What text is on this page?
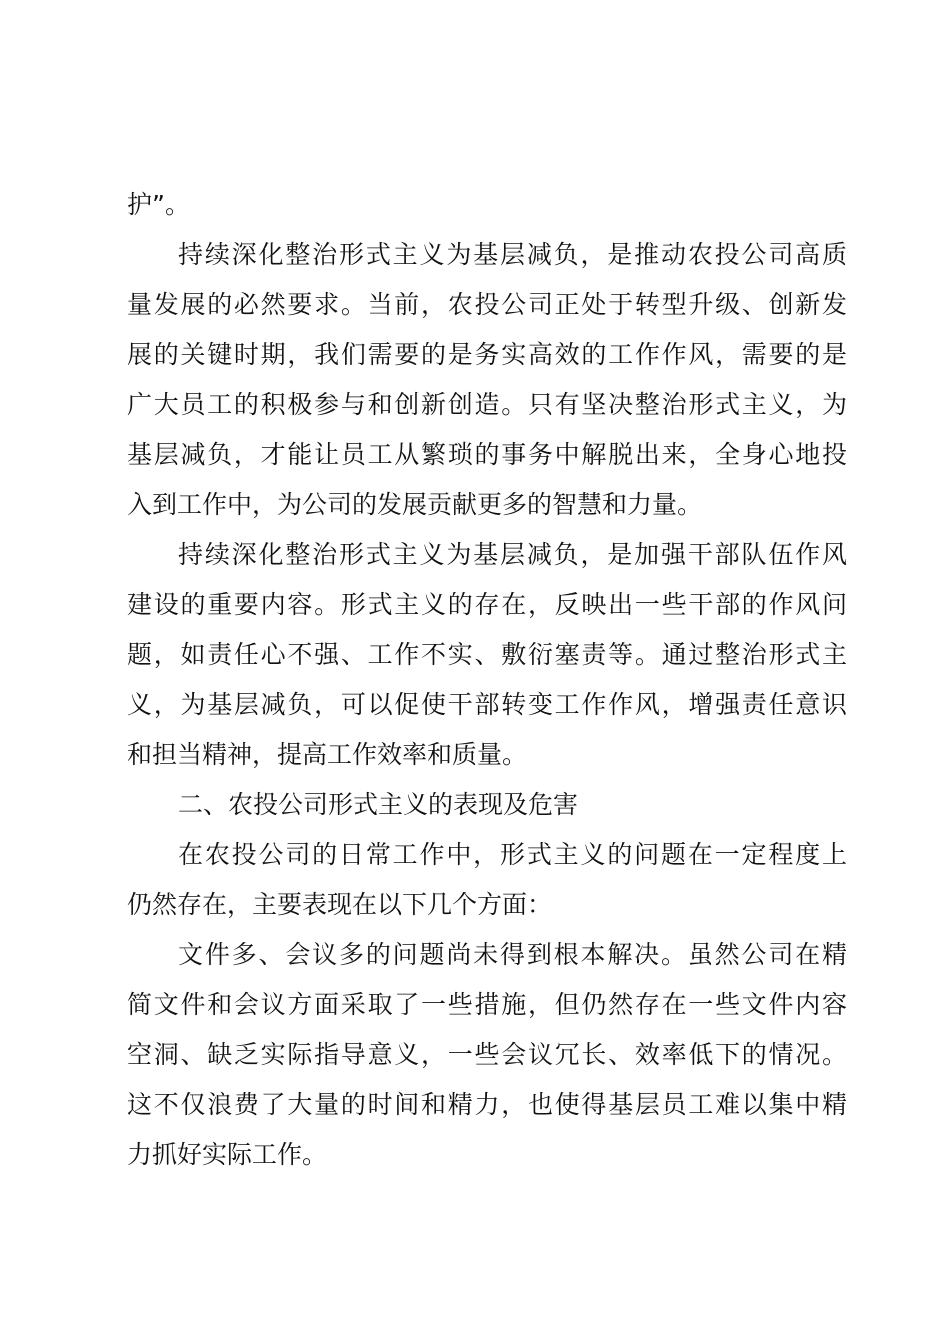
护”。
持续深化整治形式主义为基层减负，是推动农投公司高质
量发展的必然要求。当前，农投公司正处于转型升级、创新发
展的关键时期，我们需要的是务实高效的工作作风，需要的是
广大员工的积极参与和创新创造。只有坚决整治形式主义，为
基层减负，才能让员工从繁琐的事务中解脱出来，全身心地投
入到工作中，为公司的发展贡献更多的智慧和力量。
持续深化整治形式主义为基层减负，是加强干部队伍作风
建设的重要内容。形式主义的存在，反映出一些干部的作风问
题，如责任心不强、工作不实、敷衍塞责等。通过整治形式主
义，为基层减负，可以促使干部转变工作作风，增强责任意识
和担当精神，提高工作效率和质量。
二、农投公司形式主义的表现及危害
在农投公司的日常工作中，形式主义的问题在一定程度上
仍然存在，主要表现在以下几个方面：
文件多、会议多的问题尚未得到根本解决。虽然公司在精
简文件和会议方面采取了一些措施，但仍然存在一些文件内容
空洞、缺乏实际指导意义，一些会议冗长、效率低下的情况。
这不仅浪费了大量的时间和精力，也使得基层员工难以集中精
力抓好实际工作。
